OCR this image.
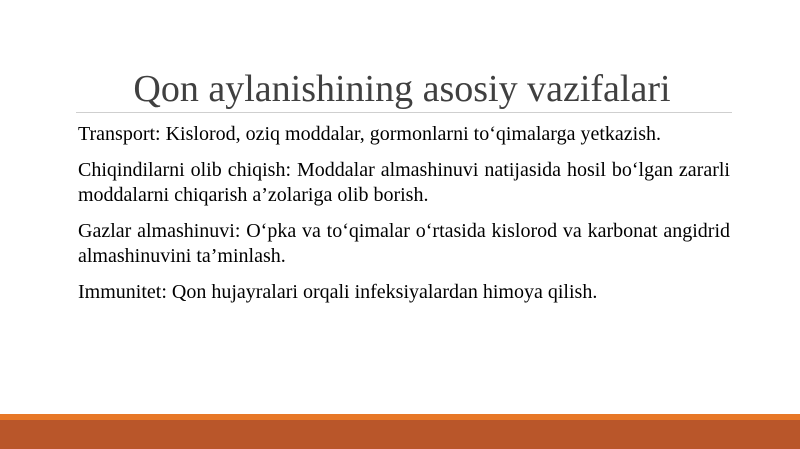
Qon aylanishining asosiy vazifalari

Transport: Kislorod, oziq moddalar, gormonlarni to‘qimalarga yetkazish.

Chiqindilarni olib chiqish: Moddalar almashinuvi natijasida hosil bo‘lgan zararli moddalarni chiqarish a’zolariga olib borish.

Gazlar almashinuvi: O‘pka va to‘qimalar o‘rtasida kislorod va karbonat angidrid almashinuvini ta’minlash.

Immunitet: Qon hujayralari orqali infeksiyalardan himoya qilish.
